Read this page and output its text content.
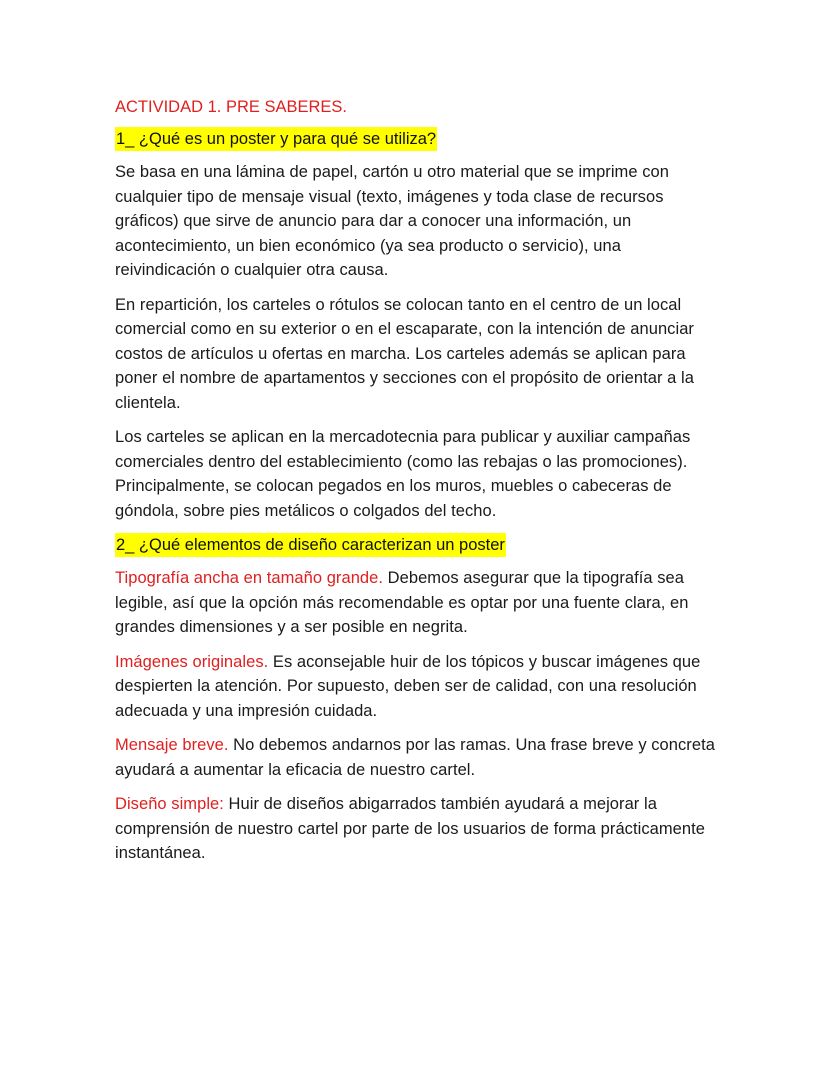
ACTIVIDAD 1. PRE SABERES.
1_ ¿Qué es un poster y para qué se utiliza?

Se basa en una lámina de papel, cartón u otro material que se imprime con cualquier tipo de mensaje visual (texto, imágenes y toda clase de recursos gráficos) que sirve de anuncio para dar a conocer una información, un acontecimiento, un bien económico (ya sea producto o servicio), una reivindicación o cualquier otra causa.

En repartición, los carteles o rótulos se colocan tanto en el centro de un local comercial como en su exterior o en el escaparate, con la intención de anunciar costos de artículos u ofertas en marcha. Los carteles además se aplican para poner el nombre de apartamentos y secciones con el propósito de orientar a la clientela.

Los carteles se aplican en la mercadotecnia para publicar y auxiliar campañas comerciales dentro del establecimiento (como las rebajas o las promociones). Principalmente, se colocan pegados en los muros, muebles o cabeceras de góndola, sobre pies metálicos o colgados del techo.

2_ ¿Qué elementos de diseño caracterizan un poster

Tipografía ancha en tamaño grande. Debemos asegurar que la tipografía sea legible, así que la opción más recomendable es optar por una fuente clara, en grandes dimensiones y a ser posible en negrita.

Imágenes originales. Es aconsejable huir de los tópicos y buscar imágenes que despierten la atención. Por supuesto, deben ser de calidad, con una resolución adecuada y una impresión cuidada.

Mensaje breve. No debemos andarnos por las ramas. Una frase breve y concreta ayudará a aumentar la eficacia de nuestro cartel.

Diseño simple: Huir de diseños abigarrados también ayudará a mejorar la comprensión de nuestro cartel por parte de los usuarios de forma prácticamente instantánea.
